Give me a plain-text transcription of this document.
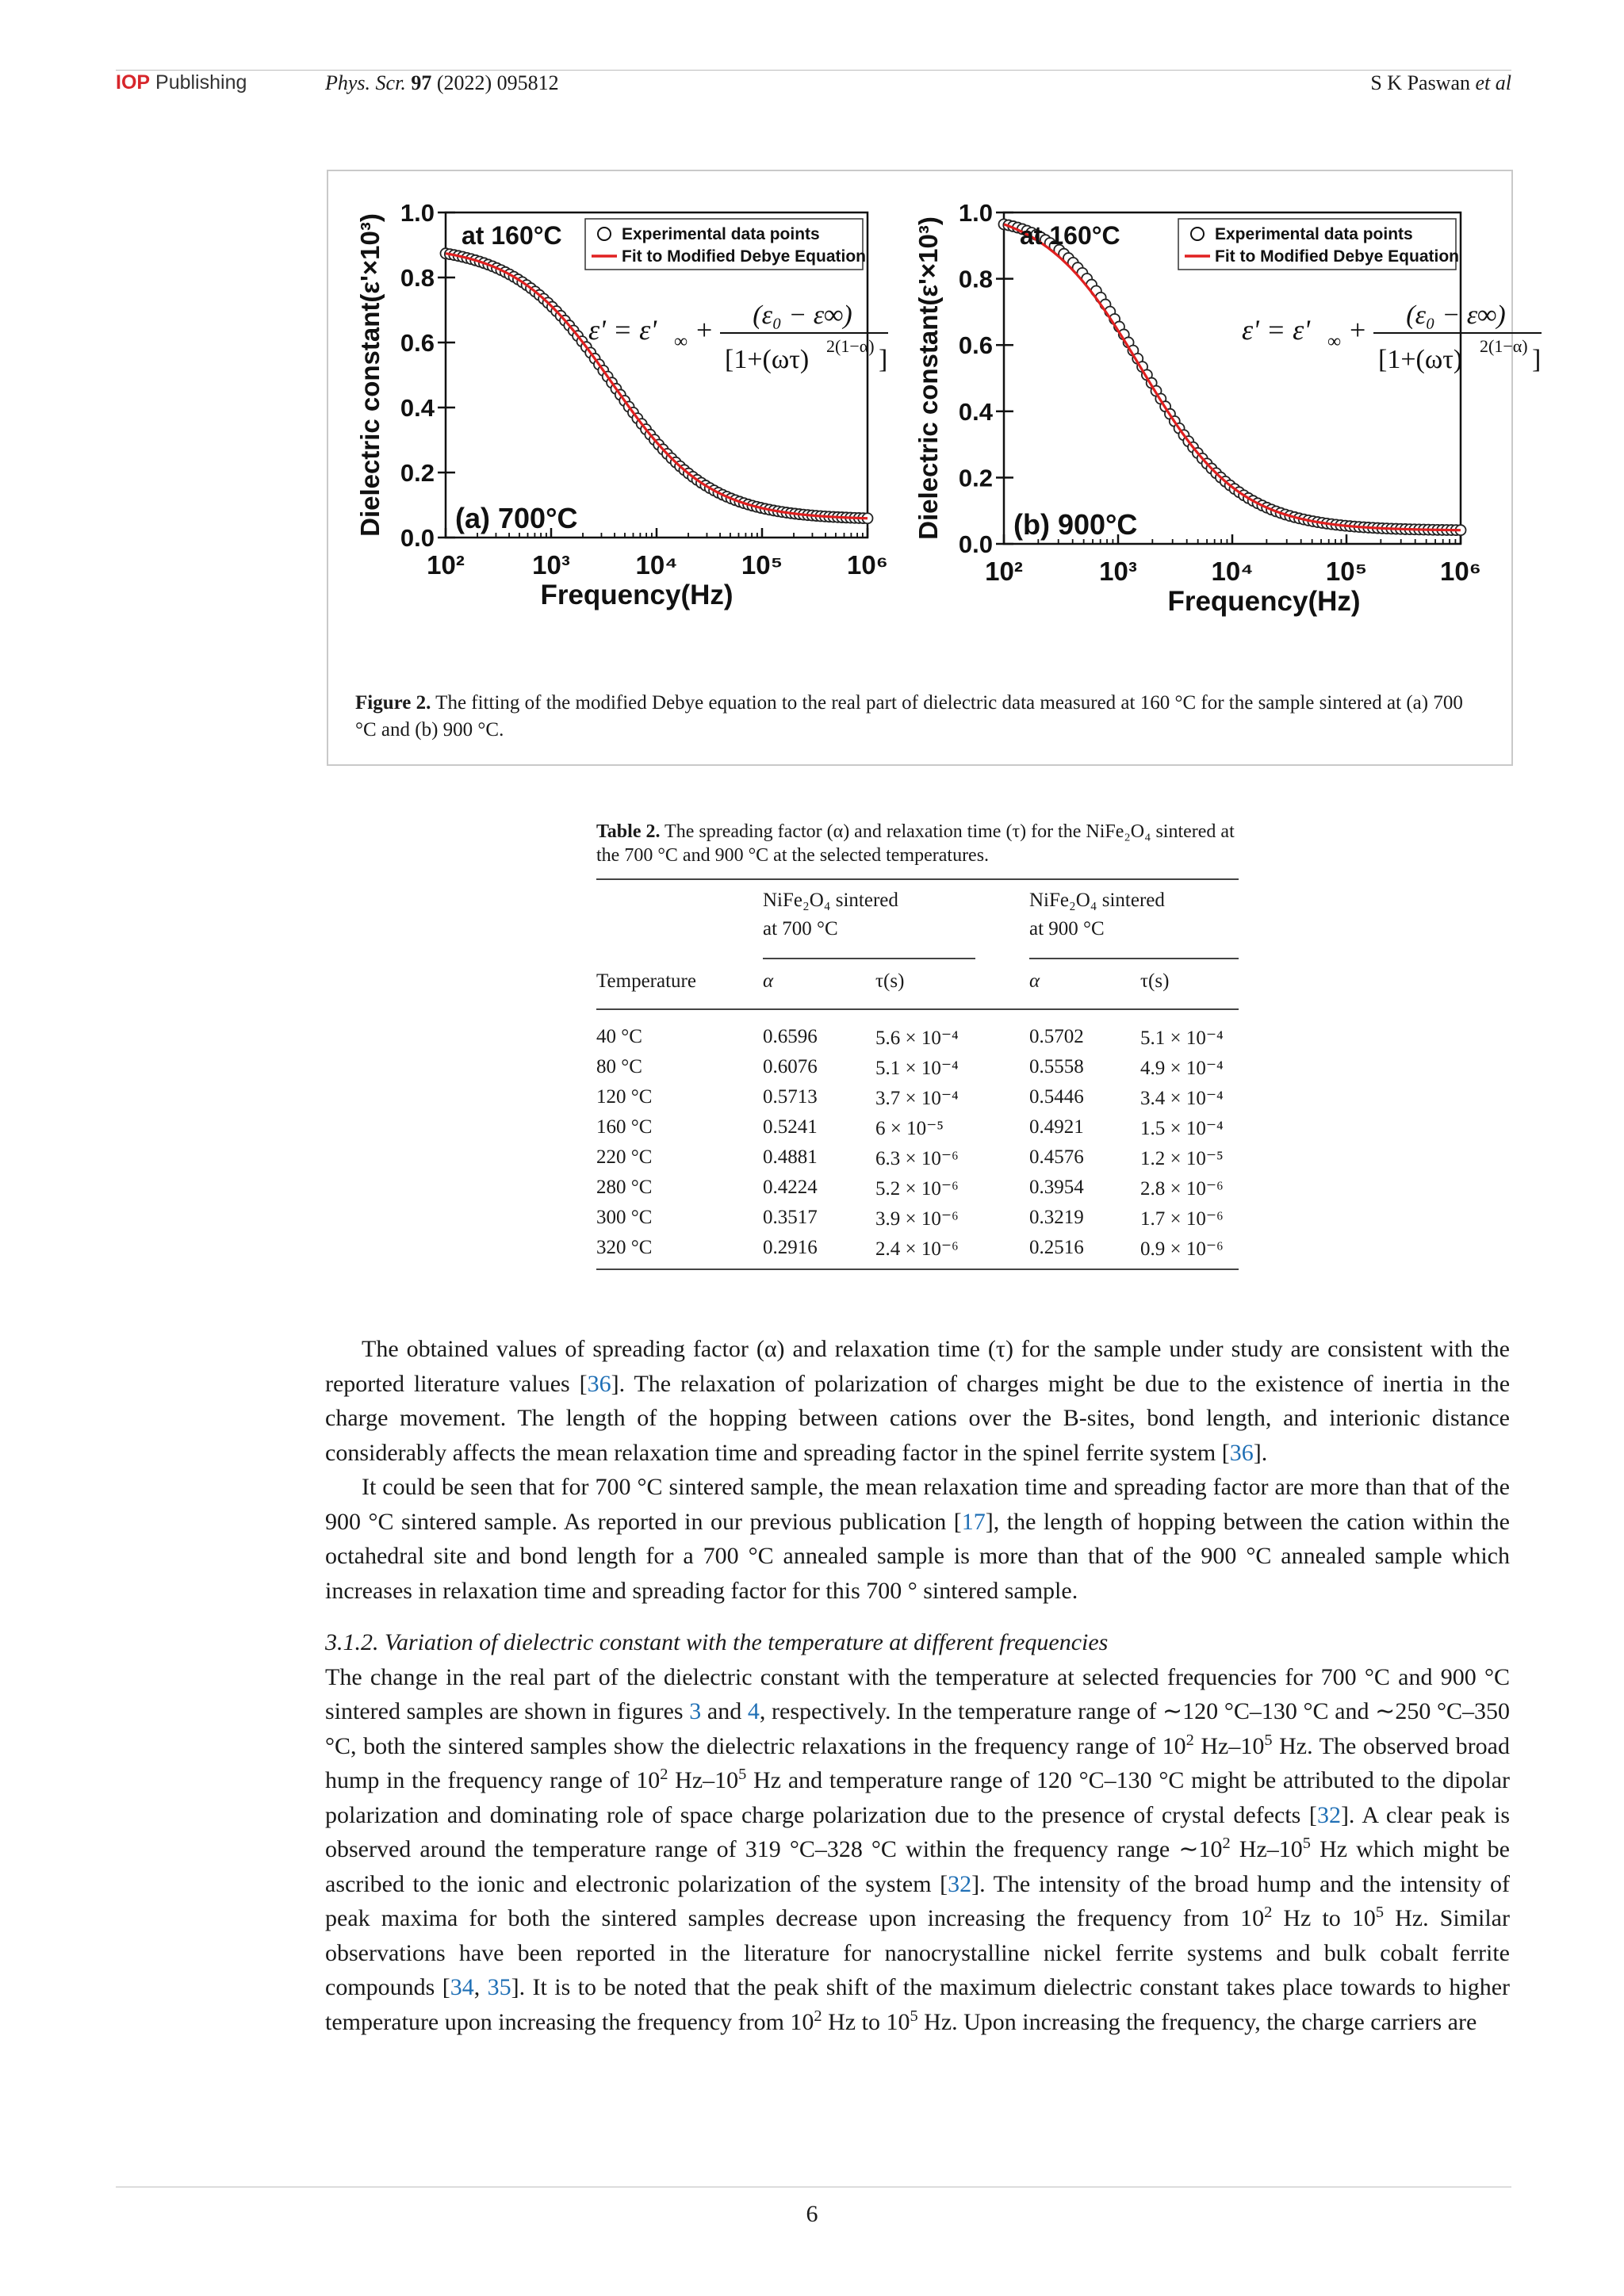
IOP Publishing	Phys. Scr. 97 (2022) 095812	S K Paswan et al
10²	10³	10⁴ 10⁵ 10⁶
0.0
0.2
0.4
0.6
0.8
1.0
Frequency(Hz)
Dielectric constant(ε'×10³)	at 160°C
(a) 700°C
Experimental data points
Fit to Modified Debye Equation
ε' = ε' ∞ + (ε₀ − ε∞)
[1+(ωτ) 2(1−α) ]
10²	10³	10⁴	10⁵	10⁶
0.0
0.2
0.4
0.6
0.8
1.0
Frequency(Hz)
Dielectric constant(ε'×10³)	at 160°C
(b) 900°C
Experimental data points
Fit to Modified Debye Equation
ε' = ε' ∞ + (ε₀ − ε∞)
[1+(ωτ) 2(1−α) ]
Figure 2. The fitting of the modified Debye equation to the real part of dielectric data measured at 160 °C for the sample sintered at (a) 700 °C and (b) 900 °C.
Table 2. The spreading factor (α) and relaxation time (τ) for the NiFe₂O₄ sintered at the 700 °C and 900 °C at the selected temperatures.
NiFe₂O₄ sintered
at 700 °C
NiFe₂O₄ sintered
at 900 °C
Temperature	α	τ(s)	α	τ(s)
40 °C	0.6596	5.6 × 10⁻⁴	0.5702	5.1 × 10⁻⁴
80 °C	0.6076	5.1 × 10⁻⁴	0.5558	4.9 × 10⁻⁴
120 °C	0.5713	3.7 × 10⁻⁴	0.5446	3.4 × 10⁻⁴
160 °C	0.5241	6 × 10⁻⁵	0.4921	1.5 × 10⁻⁴
220 °C	0.4881	6.3 × 10⁻⁶	0.4576	1.2 × 10⁻⁵
280 °C	0.4224	5.2 × 10⁻⁶	0.3954	2.8 × 10⁻⁶
300 °C	0.3517	3.9 × 10⁻⁶	0.3219	1.7 × 10⁻⁶
320 °C	0.2916	2.4 × 10⁻⁶	0.2516	0.9 × 10⁻⁶

The obtained values of spreading factor (α) and relaxation time (τ) for the sample under study are consistent with the reported literature values [36]. The relaxation of polarization of charges might be due to the existence of inertia in the charge movement. The length of the hopping between cations over the B-sites, bond length, and interionic distance considerably affects the mean relaxation time and spreading factor in the spinel ferrite system [36].

It could be seen that for 700 °C sintered sample, the mean relaxation time and spreading factor are more than that of the 900 °C sintered sample. As reported in our previous publication [17], the length of hopping between the cation within the octahedral site and bond length for a 700 °C annealed sample is more than that of the 900 °C annealed sample which increases in relaxation time and spreading factor for this 700 ° sintered sample.

3.1.2. Variation of dielectric constant with the temperature at different frequencies

The change in the real part of the dielectric constant with the temperature at selected frequencies for 700 °C and 900 °C sintered samples are shown in figures 3 and 4, respectively. In the temperature range of ∼120 °C–130 °C and ∼250 °C–350 °C, both the sintered samples show the dielectric relaxations in the frequency range of $10^2$ $Hz-10^5$ Hz. The observed broad hump in the frequency range of $10^2$ $Hz-10^5$ Hz and temperature range of 120 °C–130 °C might be attributed to the dipolar polarization and dominating role of space charge polarization due to the presence of crystal defects [32]. A clear peak is observed around the temperature range of 319 °C–328 °C within the frequency range $\sim 10^2$ $Hz-10^5$ Hz which might be ascribed to the ionic and electronic polarization of the system [32]. The intensity of the broad hump and the intensity of peak maxima for both the sintered samples decrease upon increasing the frequency from $10^2$ Hz to $10^5$ Hz. Similar observations have been reported in the literature for nanocrystalline nickel ferrite systems and bulk cobalt ferrite compounds [34, 35]. It is to be noted that the peak shift of the maximum dielectric constant takes place towards to higher temperature upon increasing the frequency from $10^2$ Hz to $10^5$ Hz. Upon increasing the frequency, the charge carriers are

6
